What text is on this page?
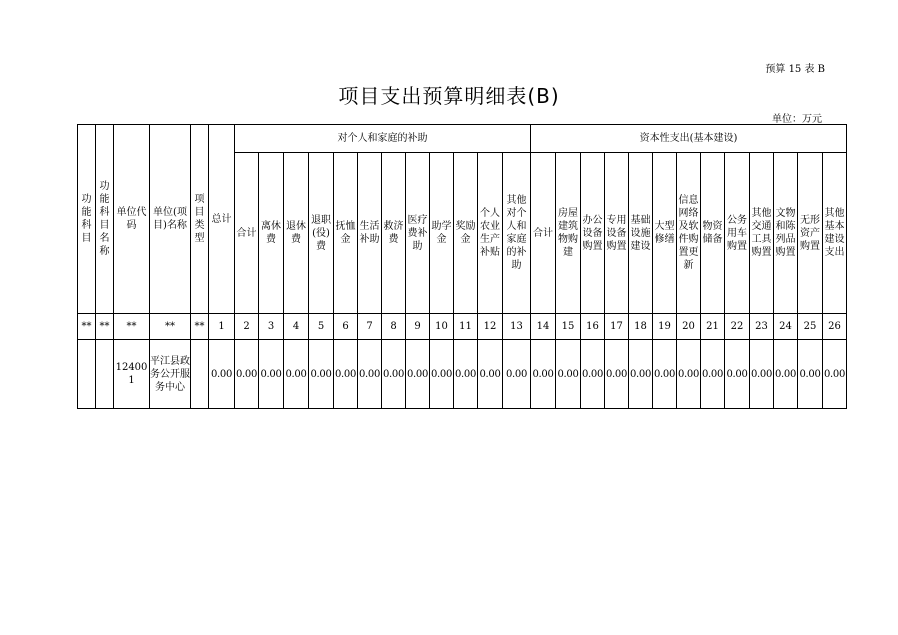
预算 15 表 B
项目支出预算明细表(B)
单位：万元
功能科目	功能科目名称	单位代码	单位(项目)名称	项目类型	总计	对个人和家庭的补助												资本性支出(基本建设)												

						合计	离休费	退休费	退职(役)费	抚恤金	生活补助	救济费	医疗费补助	助学金	奖励金	个人农业生产补贴	其他对个人和家庭的补助	合计	房屋建筑物购建	办公设备购置	专用设备购置	基础设施建设	大型修缮	信息网络及软件购置更新	物资储备	公务用车购置	其他交通工具购置	文物和陈列品购置	无形资产购置	其他基本建设支出
**	**	**	**	**	1	2	3	4	5	6	7	8	9	10	11	12	13	14	15	16	17	18	19	20	21	22	23	24	25	26
		124001	平江县政务公开服务中心		0.00	0.00	0.00	0.00	0.00	0.00	0.00	0.00	0.00	0.00	0.00	0.00	0.00	0.00	0.00	0.00	0.00	0.00	0.00	0.00	0.00	0.00	0.00	0.00	0.00	0.00
